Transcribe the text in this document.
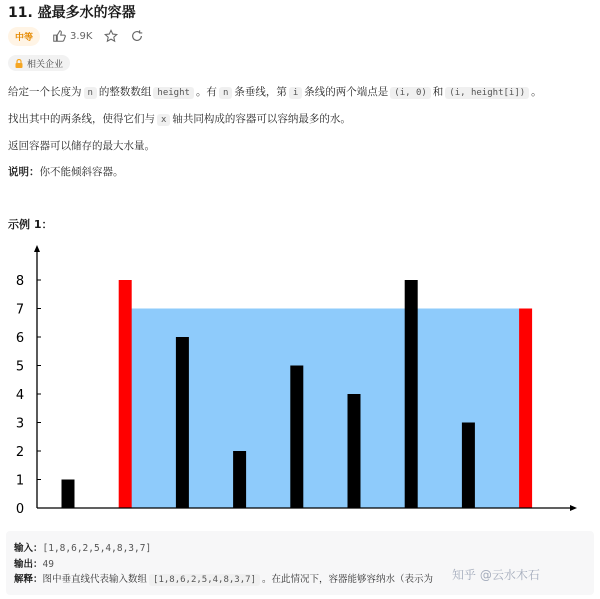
11. 盛最多水的容器
中等	3.9K
相关企业
给定一个长度为 n 的整数数组 height 。有 n 条垂线，第 i 条线的两个端点是 (i, 0) 和 (i, height[i]) 。
找出其中的两条线，使得它们与 x 轴共同构成的容器可以容纳最多的水。
返回容器可以储存的最大水量。
说明：你不能倾斜容器。
示例 1：
0
1
2
3
4
5
6
7
8
输入：[1,8,6,2,5,4,8,3,7]
输出：49
解释：图中垂直线代表输入数组 [1,8,6,2,5,4,8,3,7] 。在此情况下，容器能够容纳水（表示为 知乎 @云水木石
